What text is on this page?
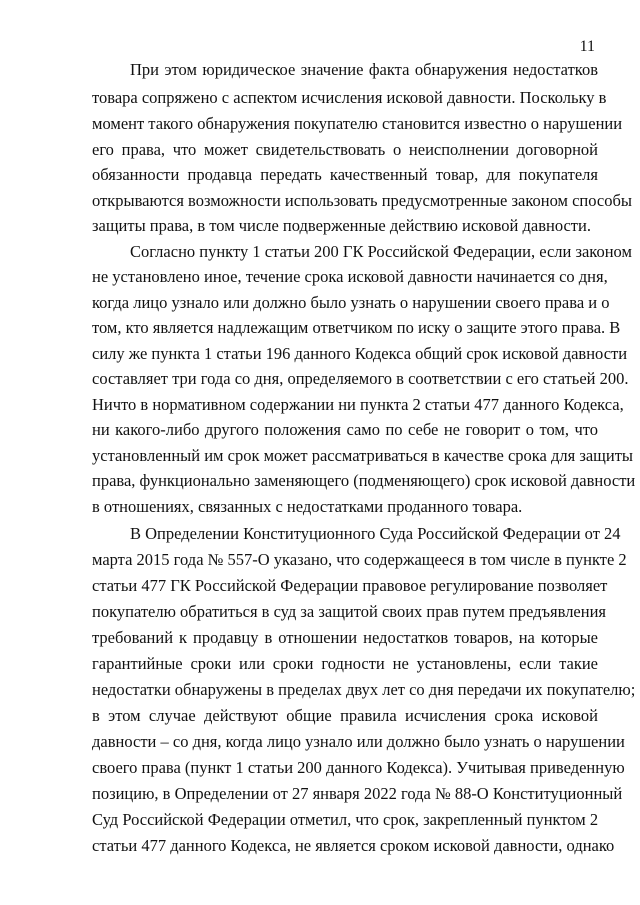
11
При этом юридическое значение факта обнаружения недостатков
товара сопряжено с аспектом исчисления исковой давности. Поскольку в
момент такого обнаружения покупателю становится известно о нарушении
его права, что может свидетельствовать о неисполнении договорной
обязанности продавца передать качественный товар, для покупателя
открываются возможности использовать предусмотренные законом способы
защиты права, в том числе подверженные действию исковой давности.
Согласно пункту 1 статьи 200 ГК Российской Федерации, если законом
не установлено иное, течение срока исковой давности начинается со дня,
когда лицо узнало или должно было узнать о нарушении своего права и о
том, кто является надлежащим ответчиком по иску о защите этого права. В
силу же пункта 1 статьи 196 данного Кодекса общий срок исковой давности
составляет три года со дня, определяемого в соответствии с его статьей 200.
Ничто в нормативном содержании ни пункта 2 статьи 477 данного Кодекса,
ни какого-либо другого положения само по себе не говорит о том, что
установленный им срок может рассматриваться в качестве срока для защиты
права, функционально заменяющего (подменяющего) срок исковой давности
в отношениях, связанных с недостатками проданного товара.
В Определении Конституционного Суда Российской Федерации от 24
марта 2015 года № 557-О указано, что содержащееся в том числе в пункте 2
статьи 477 ГК Российской Федерации правовое регулирование позволяет
покупателю обратиться в суд за защитой своих прав путем предъявления
требований к продавцу в отношении недостатков товаров, на которые
гарантийные сроки или сроки годности не установлены, если такие
недостатки обнаружены в пределах двух лет со дня передачи их покупателю;
в этом случае действуют общие правила исчисления срока исковой
давности – со дня, когда лицо узнало или должно было узнать о нарушении
своего права (пункт 1 статьи 200 данного Кодекса). Учитывая приведенную
позицию, в Определении от 27 января 2022 года № 88-О Конституционный
Суд Российской Федерации отметил, что срок, закрепленный пунктом 2
статьи 477 данного Кодекса, не является сроком исковой давности, однако
